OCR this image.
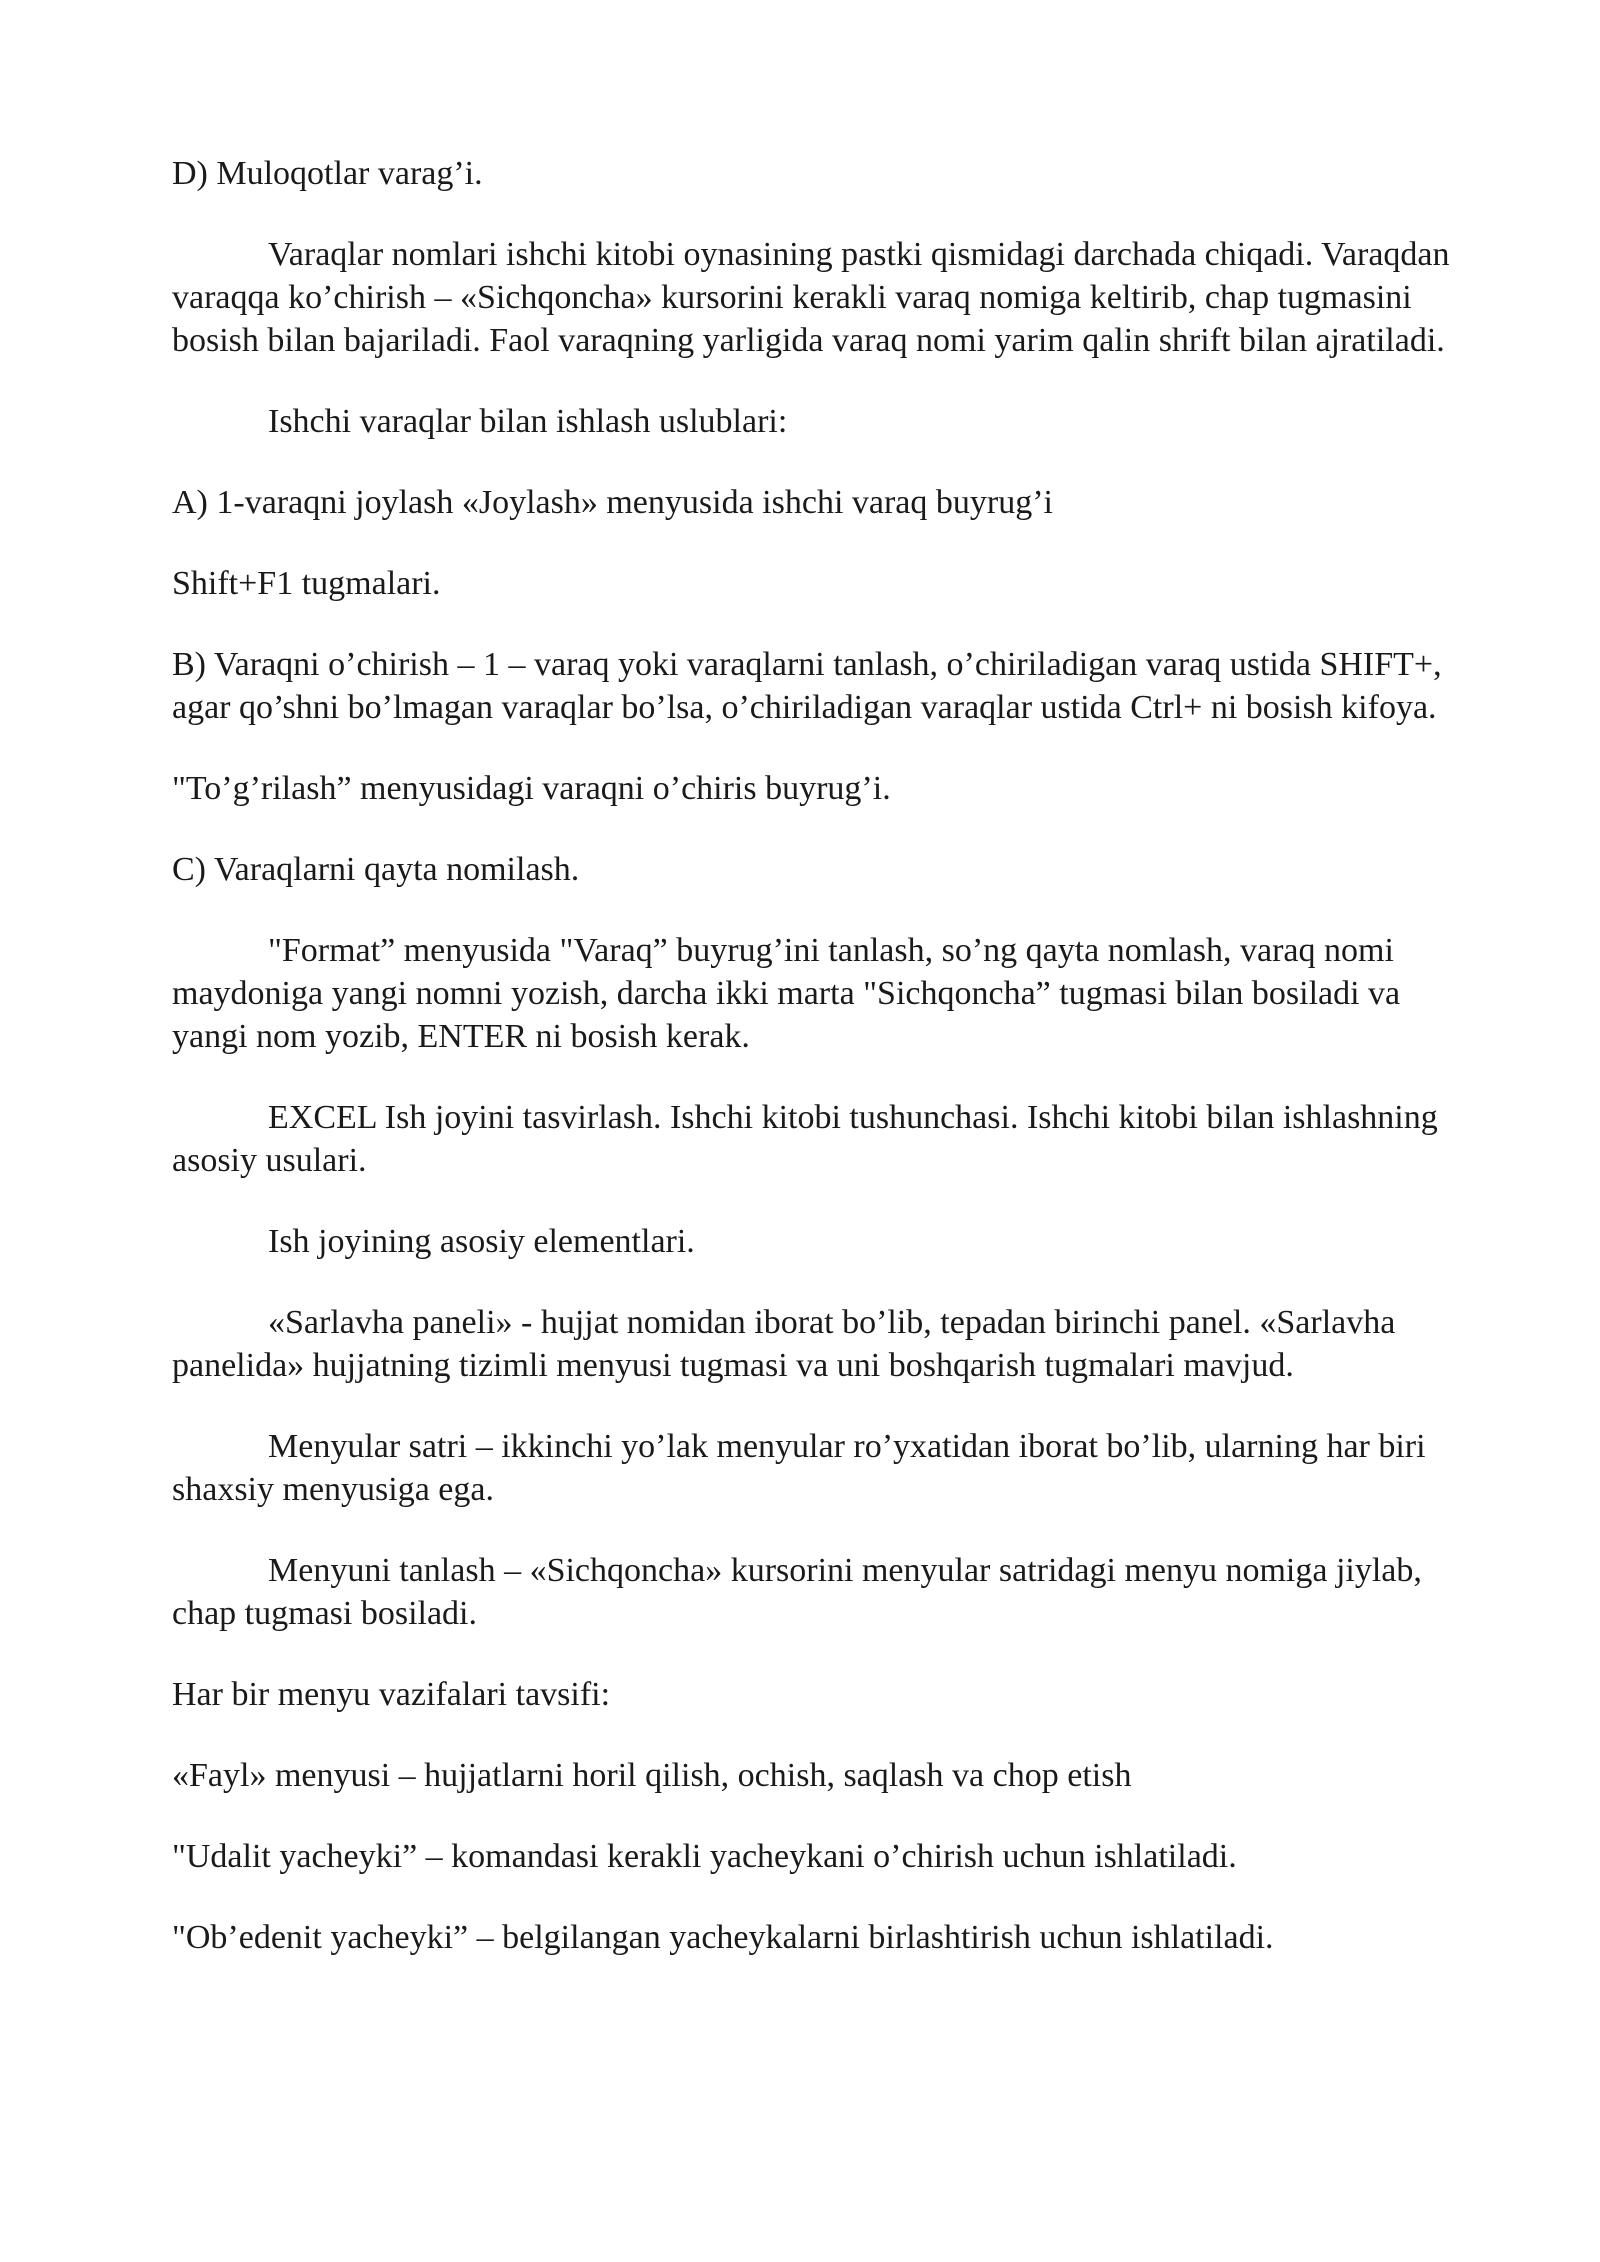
D) Muloqotlar varag’i.

Varaqlar nomlari ishchi kitobi oynasining pastki qismidagi darchada chiqadi. Varaqdan varaqqa ko’chirish – «Sichqoncha» kursorini kerakli varaq nomiga keltirib, chap tugmasini bosish bilan bajariladi. Faol varaqning yarligida varaq nomi yarim qalin shrift bilan ajratiladi.

Ishchi varaqlar bilan ishlash uslublari:

A) 1-varaqni joylash «Joylash» menyusida ishchi varaq buyrug’i

Shift+F1 tugmalari.

B) Varaqni o’chirish – 1 – varaq yoki varaqlarni tanlash, o’chiriladigan varaq ustida SHIFT+, agar qo’shni bo’lmagan varaqlar bo’lsa, o’chiriladigan varaqlar ustida Ctrl+ ni bosish kifoya.

"To’g’rilash” menyusidagi varaqni o’chiris buyrug’i.

C) Varaqlarni qayta nomilash.

"Format” menyusida "Varaq” buyrug’ini tanlash, so’ng qayta nomlash, varaq nomi maydoniga yangi nomni yozish, darcha ikki marta "Sichqoncha” tugmasi bilan bosiladi va yangi nom yozib, ENTER ni bosish kerak.

EXCEL Ish joyini tasvirlash. Ishchi kitobi tushunchasi. Ishchi kitobi bilan ishlashning asosiy usulari.

Ish joyining asosiy elementlari.

«Sarlavha paneli» - hujjat nomidan iborat bo’lib, tepadan birinchi panel. «Sarlavha panelida» hujjatning tizimli menyusi tugmasi va uni boshqarish tugmalari mavjud.

Menyular satri – ikkinchi yo’lak menyular ro’yxatidan iborat bo’lib, ularning har biri shaxsiy menyusiga ega.

Menyuni tanlash – «Sichqoncha» kursorini menyular satridagi menyu nomiga jiylab, chap tugmasi bosiladi.

Har bir menyu vazifalari tavsifi:

«Fayl» menyusi – hujjatlarni horil qilish, ochish, saqlash va chop etish

"Udalit yacheyki” – komandasi kerakli yacheykani o’chirish uchun ishlatiladi.

"Ob’edenit yacheyki” – belgilangan yacheykalarni birlashtirish uchun ishlatiladi.
